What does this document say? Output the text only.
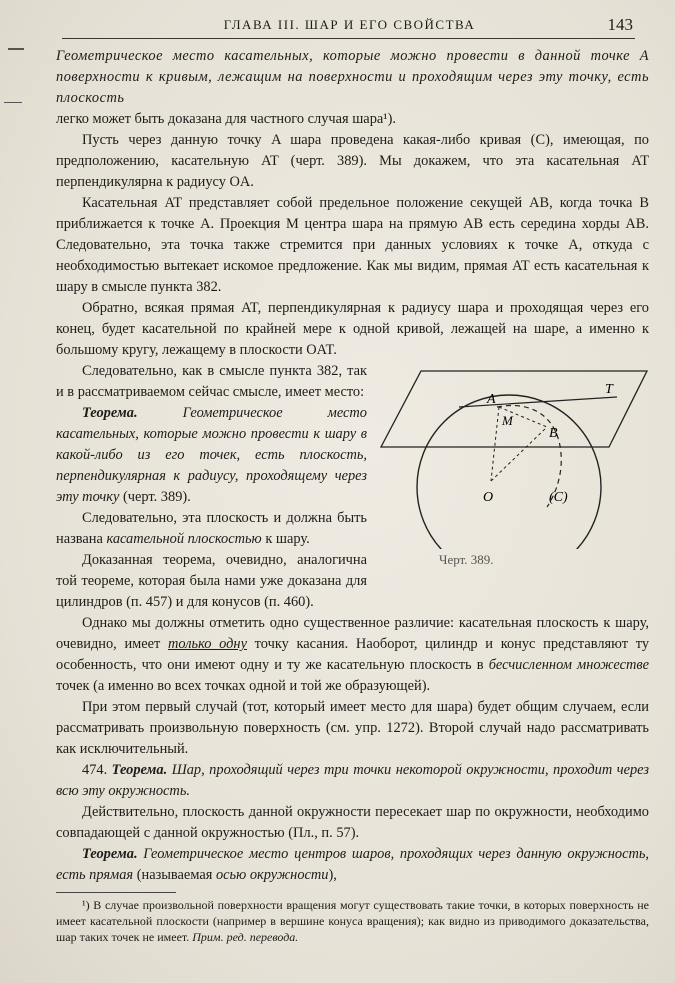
ГЛАВА III. ШАР И ЕГО СВОЙСТВА	143

Геометрическое место касательных, которые можно провести в данной точке A поверхности к кривым, лежащим на поверхности и проходящим через эту точку, есть плоскость

легко может быть доказана для частного случая шара¹).

Пусть через данную точку A шара проведена какая-либо кривая (C), имеющая, по предположению, касательную AT (черт. 389). Мы докажем, что эта касательная AT перпендикулярна к радиусу OA.

Касательная AT представляет собой предельное положение секущей AB, когда точка B приближается к точке A. Проекция M центра шара на прямую AB есть середина хорды AB. Следовательно, эта точка также стремится при данных условиях к точке A, откуда с необходимостью вытекает искомое предложение. Как мы видим, прямая AT есть касательная к шару в смысле пункта 382.

Обратно, всякая прямая AT, перпендикулярная к радиусу шара и проходящая через его конец, будет касательной по крайней мере к одной кривой, лежащей на шаре, а именно к большому кругу, лежащему в плоскости OAT.

A
T
M
B
O	(C)
Черт. 389.

Следовательно, как в смысле пункта 382, так и в рассматриваемом сейчас смысле, имеет место:

Теорема.	Геометрическое место касательных, которые можно провести к шару в какой-либо из его точек, есть плоскость, перпендикулярная к радиусу, проходящему через эту точку (черт. 389).

Следовательно, эта плоскость и должна быть названа касательной плоскостью к шару.

Доказанная теорема, очевидно, аналогична той теореме, которая была нами уже доказана для цилиндров (п. 457) и для конусов (п. 460).

Однако мы должны отметить одно существенное различие: касательная плоскость к шару, очевидно, имеет только одну точку касания. Наоборот, цилиндр и конус представляют ту особенность, что они имеют одну и ту же касательную плоскость в бесчисленном множестве точек (а именно во всех точках одной и той же образующей).

При этом первый случай (тот, который имеет место для шара) будет общим случаем, если рассматривать произвольную поверхность (см. упр. 1272). Второй случай надо рассматривать как исключительный.

474. Теорема. Шар, проходящий через три точки некоторой окружности, проходит через всю эту окружность.

Действительно, плоскость данной окружности пересекает шар по окружности, необходимо совпадающей с данной окружностью (Пл., п. 57).

Теорема. Геометрическое место центров шаров, проходящих через данную окружность, есть прямая (называемая осью окружности),

¹) В случае произвольной поверхности вращения могут существовать такие точки, в которых поверхность не имеет касательной плоскости (например в вершине конуса вращения); как видно из приводимого доказательства, шар таких точек не имеет. Прим. ред. перевода.
